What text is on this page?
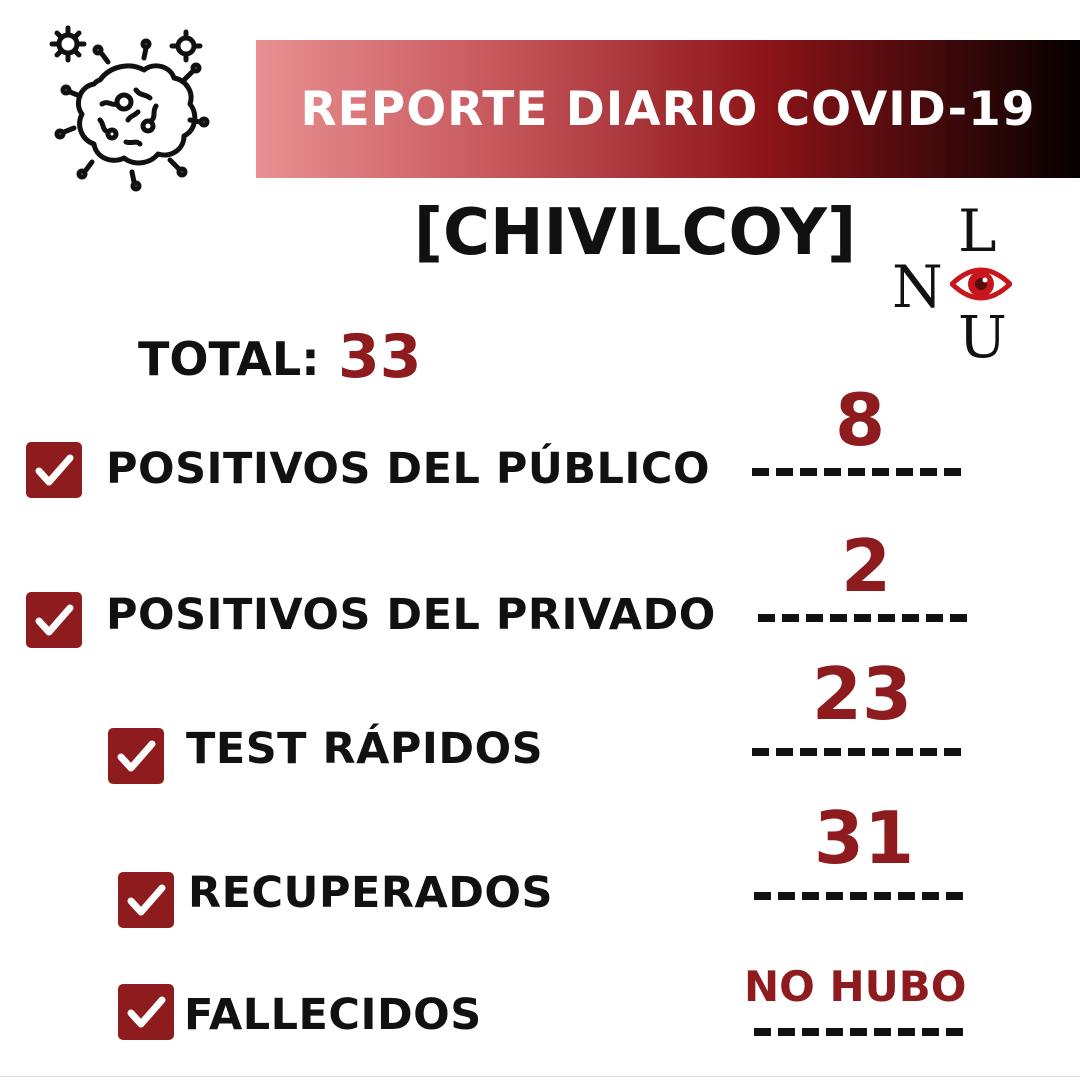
REPORTE DIARIO COVID-19
[CHIVILCOY] L
N
U
TOTAL: 33
POSITIVOS DEL PÚBLICO
8
POSITIVOS DEL PRIVADO
2
TEST RÁPIDOS
23
RECUPERADOS
31
FALLECIDOS
NO HUBO
